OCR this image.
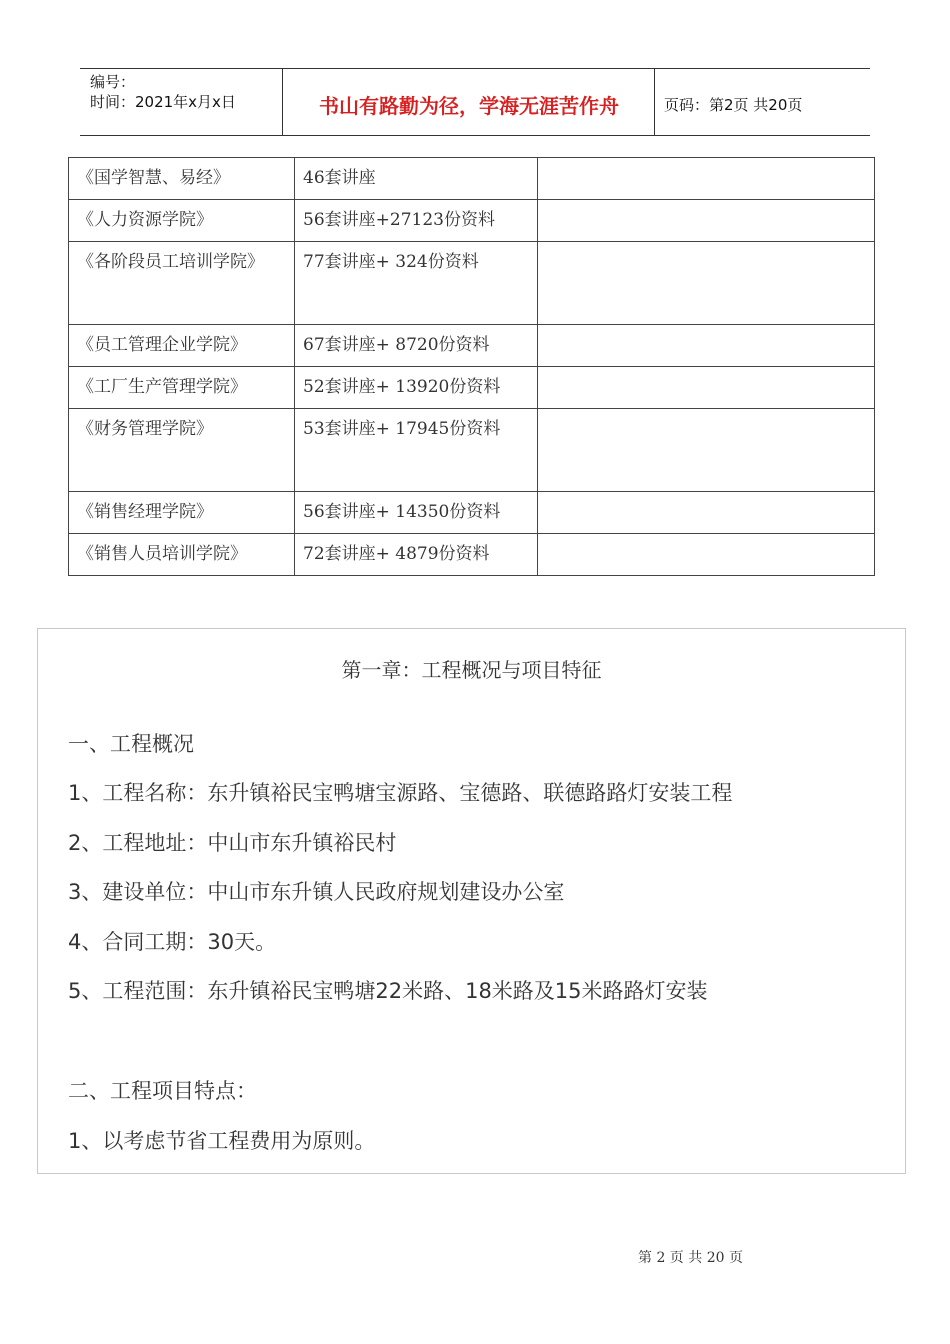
编号：
时间：2021年x月x日	书山有路勤为径，学海无涯苦作舟	页码：第2页 共20页
《国学智慧、易经》	46套讲座	
《人力资源学院》	56套讲座+27123份资料	
《各阶段员工培训学院》	77套讲座+ 324份资料	
《员工管理企业学院》	67套讲座+ 8720份资料	
《工厂生产管理学院》	52套讲座+ 13920份资料	
《财务管理学院》	53套讲座+ 17945份资料	
《销售经理学院》	56套讲座+ 14350份资料	
《销售人员培训学院》	72套讲座+ 4879份资料	
第一章：工程概况与项目特征
一、工程概况
1、工程名称：东升镇裕民宝鸭塘宝源路、宝德路、联德路路灯安装工程
2、工程地址：中山市东升镇裕民村
3、建设单位：中山市东升镇人民政府规划建设办公室
4、合同工期：30天。
5、工程范围：东升镇裕民宝鸭塘22米路、18米路及15米路路灯安装
二、工程项目特点：
1、以考虑节省工程费用为原则。
第 2 页 共 20 页
